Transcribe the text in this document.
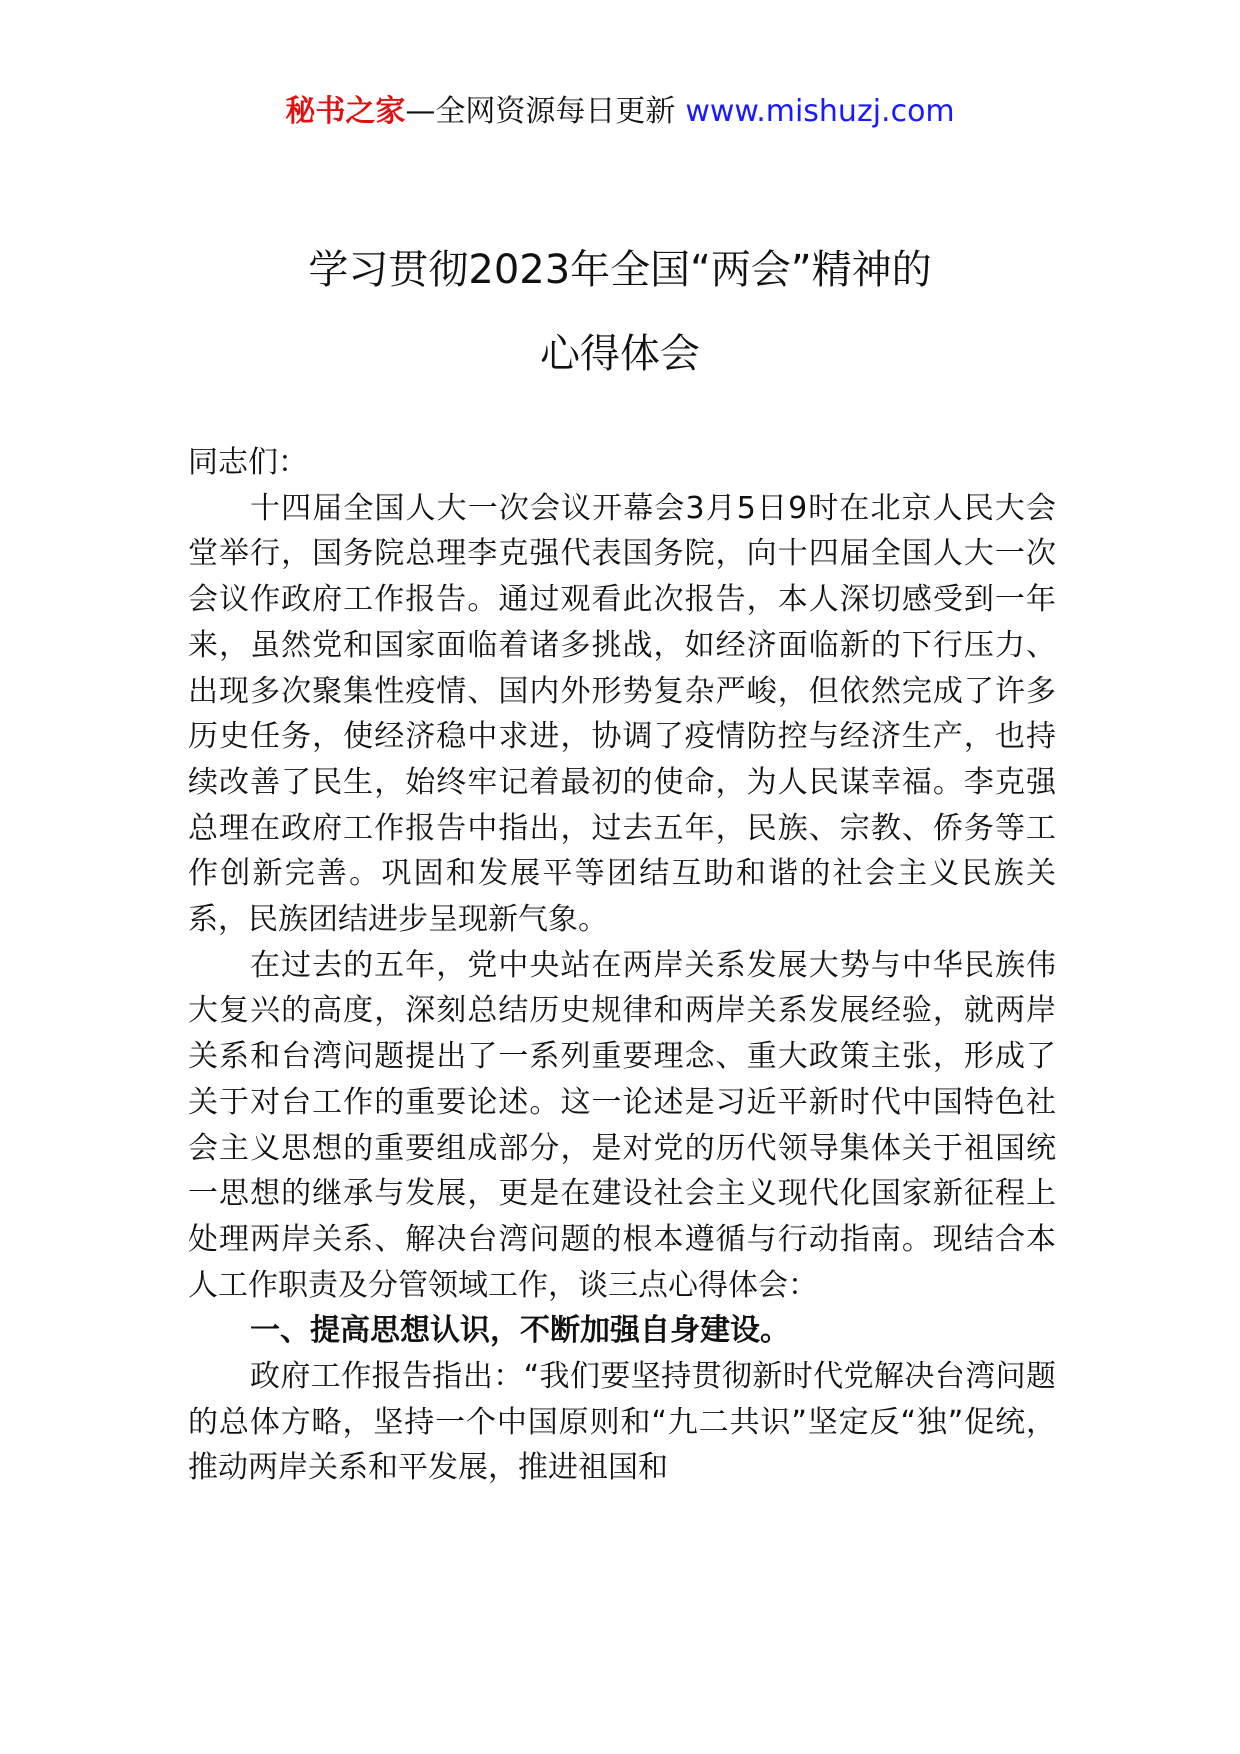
秘书之家—全网资源每日更新 www.mishuzj.com
学习贯彻2023年全国“两会”精神的
心得体会

同志们：

十四届全国人大一次会议开幕会3月5日9时在北京人民大会堂举行，国务院总理李克强代表国务院，向十四届全国人大一次会议作政府工作报告。通过观看此次报告，本人深切感受到一年来，虽然党和国家面临着诸多挑战，如经济面临新的下行压力、出现多次聚集性疫情、国内外形势复杂严峻，但依然完成了许多历史任务，使经济稳中求进，协调了疫情防控与经济生产，也持续改善了民生，始终牢记着最初的使命，为人民谋幸福。李克强总理在政府工作报告中指出，过去五年，民族、宗教、侨务等工作创新完善。巩固和发展平等团结互助和谐的社会主义民族关系，民族团结进步呈现新气象。

在过去的五年，党中央站在两岸关系发展大势与中华民族伟大复兴的高度，深刻总结历史规律和两岸关系发展经验，就两岸关系和台湾问题提出了一系列重要理念、重大政策主张，形成了关于对台工作的重要论述。这一论述是习近平新时代中国特色社会主义思想的重要组成部分，是对党的历代领导集体关于祖国统一思想的继承与发展，更是在建设社会主义现代化国家新征程上处理两岸关系、解决台湾问题的根本遵循与行动指南。现结合本人工作职责及分管领域工作，谈三点心得体会：

一、提高思想认识，不断加强自身建设。

政府工作报告指出：“我们要坚持贯彻新时代党解决台湾问题的总体方略，坚持一个中国原则和“九二共识”坚定反“独”促统，推动两岸关系和平发展，推进祖国和
